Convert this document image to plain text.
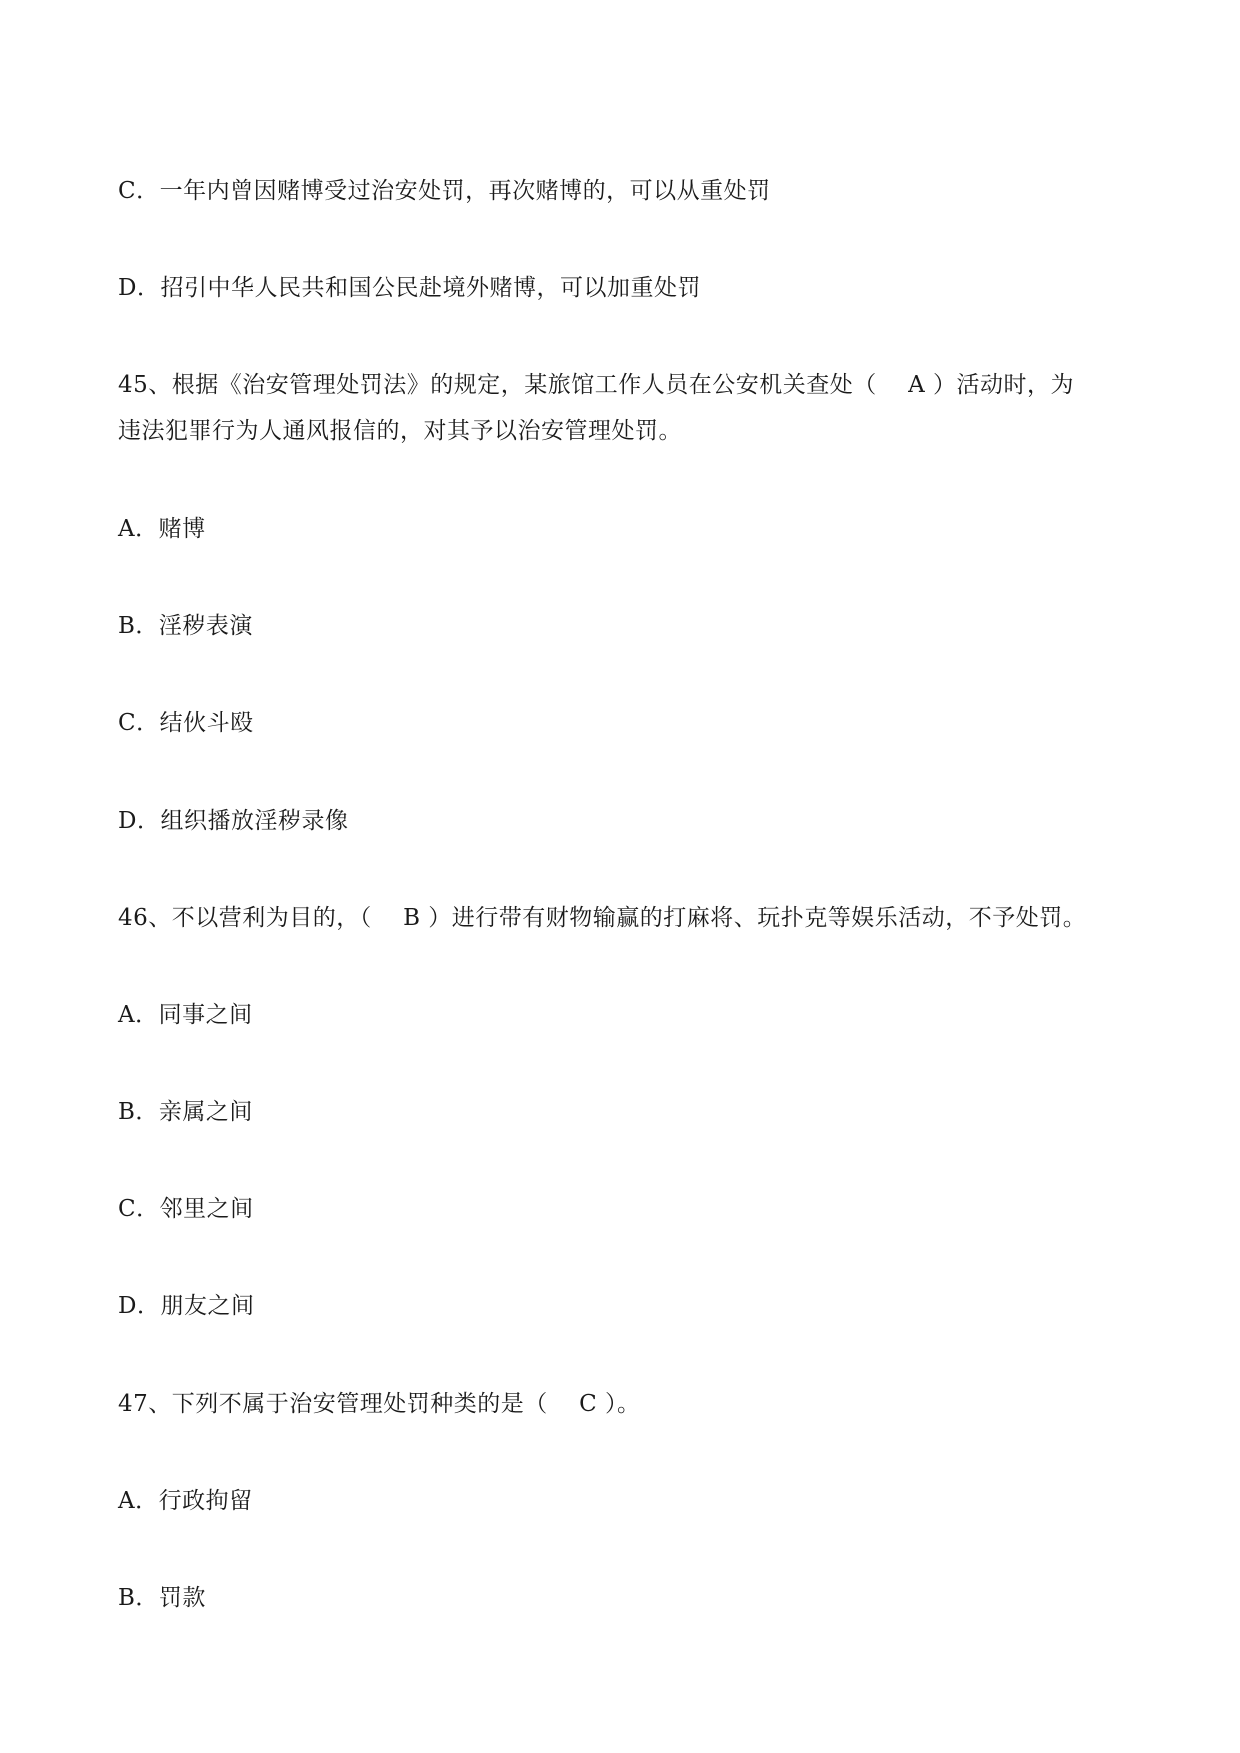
C．一年内曾因赌博受过治安处罚，再次赌博的，可以从重处罚
D．招引中华人民共和国公民赴境外赌博，可以加重处罚
45、根据《治安管理处罚法》的规定，某旅馆工作人员在公安机关查处（　 A ）活动时，为
违法犯罪行为人通风报信的，对其予以治安管理处罚。
A．赌博
B．淫秽表演
C．结伙斗殴
D．组织播放淫秽录像
46、不以营利为目的，（　 B ）进行带有财物输赢的打麻将、玩扑克等娱乐活动，不予处罚。
A．同事之间
B．亲属之间
C．邻里之间
D．朋友之间
47、下列不属于治安管理处罚种类的是（　 C ）。
A．行政拘留
B．罚款
